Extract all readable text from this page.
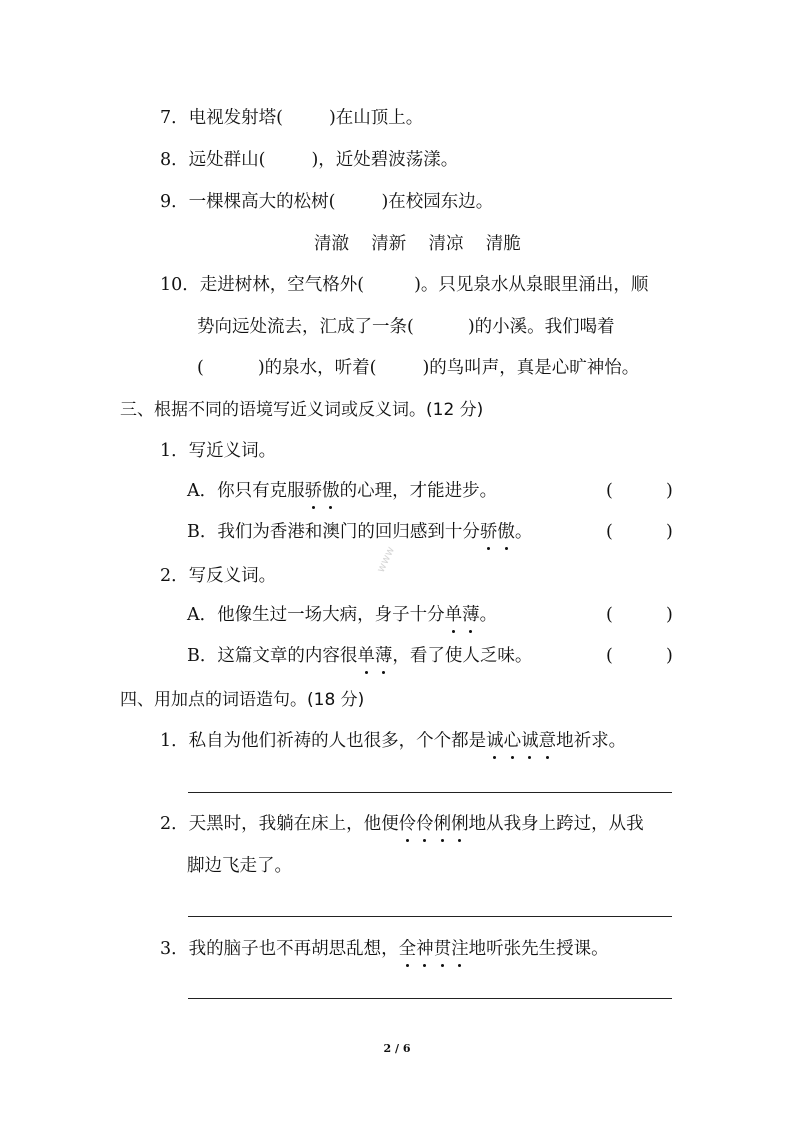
7．电视发射塔(	)在山顶上。
8．远处群山(	)，近处碧波荡漾。
9．一棵棵高大的松树(	)在校园东边。
清澈    清新    清凉    清脆
10．走进树林，空气格外(	)。只见泉水从泉眼里涌出，顺
势向远处流去，汇成了一条(	)的小溪。我们喝着
(	)的泉水，听着(	)的鸟叫声，真是心旷神怡。
三、根据不同的语境写近义词或反义词。(12 分)
1．写近义词。
A．你只有克服骄傲的心理，才能进步。	(	)
B．我们为香港和澳门的回归感到十分骄傲。	(	)
2．写反义词。
A．他像生过一场大病，身子十分单薄。	(	)
B．这篇文章的内容很单薄，看了使人乏味。	(	)
四、用加点的词语造句。(18 分)
1．私自为他们祈祷的人也很多，个个都是诚心诚意地祈求。
2．天黑时，我躺在床上，他便伶伶俐俐地从我身上跨过，从我
脚边飞走了。
3．我的脑子也不再胡思乱想，全神贯注地听张先生授课。
www
2 / 6
